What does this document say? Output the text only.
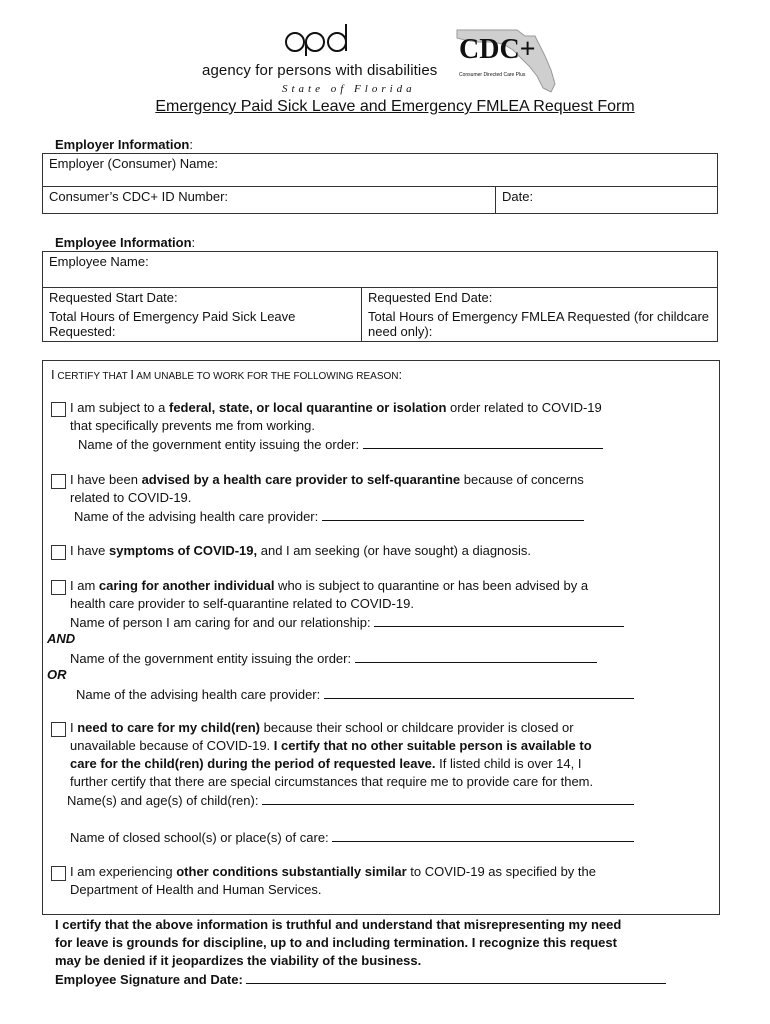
apd
agency for persons with disabilities
State of Florida
CDC+
Consumer Directed Care Plus
Emergency Paid Sick Leave and Emergency FMLEA Request Form
Employer Information:
Employer (Consumer) Name:
Consumer’s CDC+ ID Number:	Date:
Employee Information:
Employee Name:	
Requested Start Date:	Requested End Date:
Total Hours of Emergency Paid Sick Leave Requested:	Total Hours of Emergency FMLEA Requested (for childcare need only):
I CERTIFY THAT I AM UNABLE TO WORK FOR THE FOLLOWING REASON:
I am subject to a federal, state, or local quarantine or isolation order related to COVID-19
that specifically prevents me from working.
Name of the government entity issuing the order:
I have been advised by a health care provider to self-quarantine because of concerns
related to COVID-19.
Name of the advising health care provider:
I have symptoms of COVID-19, and I am seeking (or have sought) a diagnosis.
I am caring for another individual who is subject to quarantine or has been advised by a
health care provider to self-quarantine related to COVID-19.
Name of person I am caring for and our relationship:
AND
Name of the government entity issuing the order:
OR
Name of the advising health care provider:
I need to care for my child(ren) because their school or childcare provider is closed or
unavailable because of COVID-19. I certify that no other suitable person is available to
care for the child(ren) during the period of requested leave. If listed child is over 14, I
further certify that there are special circumstances that require me to provide care for them.
Name(s) and age(s) of child(ren):
Name of closed school(s) or place(s) of care:
I am experiencing other conditions substantially similar to COVID-19 as specified by the
Department of Health and Human Services.
I certify that the above information is truthful and understand that misrepresenting my need
for leave is grounds for discipline, up to and including termination. I recognize this request
may be denied if it jeopardizes the viability of the business.
Employee Signature and Date:
